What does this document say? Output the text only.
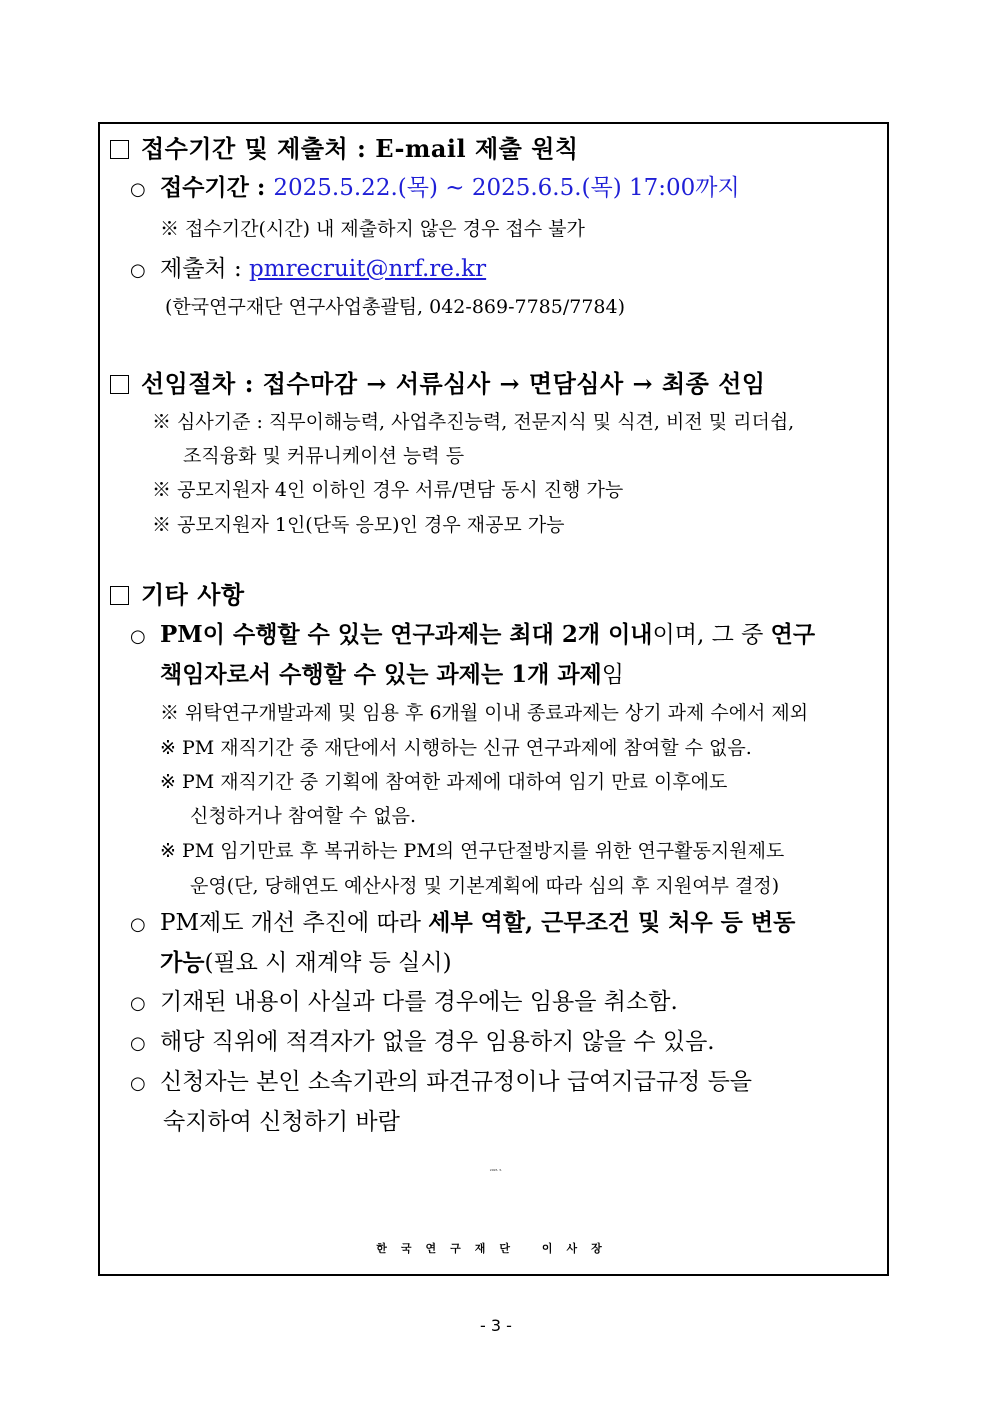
접수기간 및 제출처 : E-mail 제출 원칙
○ 접수기간 : 2025.5.22.(목) ~ 2025.6.5.(목) 17:00까지
※ 접수기간(시간) 내 제출하지 않은 경우 접수 불가
○ 제출처 : pmrecruit@nrf.re.kr
(한국연구재단 연구사업총괄팀, 042-869-7785/7784)
선임절차 : 접수마감 → 서류심사 → 면담심사 → 최종 선임
※ 심사기준 : 직무이해능력, 사업추진능력, 전문지식 및 식견, 비전 및 리더쉽,
조직융화 및 커뮤니케이션 능력 등
※ 공모지원자 4인 이하인 경우 서류/면담 동시 진행 가능
※ 공모지원자 1인(단독 응모)인 경우 재공모 가능
기타 사항
○ PM이 수행할 수 있는 연구과제는 최대 2개 이내이며, 그 중 연구
책임자로서 수행할 수 있는 과제는 1개 과제임
※ 위탁연구개발과제 및 임용 후 6개월 이내 종료과제는 상기 과제 수에서 제외
※ PM 재직기간 중 재단에서 시행하는 신규 연구과제에 참여할 수 없음.
※ PM 재직기간 중 기획에 참여한 과제에 대하여 임기 만료 이후에도
신청하거나 참여할 수 없음.
※ PM 임기만료 후 복귀하는 PM의 연구단절방지를 위한 연구활동지원제도
운영(단, 당해연도 예산사정 및 기본계획에 따라 심의 후 지원여부 결정)
○ PM제도 개선 추진에 따라 세부 역할, 근무조건 및 처우 등 변동
가능(필요 시 재계약 등 실시)
○ 기재된 내용이 사실과 다를 경우에는 임용을 취소함.
○ 해당 직위에 적격자가 없을 경우 임용하지 않을 수 있음.
○ 신청자는 본인 소속기관의 파견규정이나 급여지급규정 등을
숙지하여 신청하기 바람
2025. 5.
한국연구재단 이사장
- 3 -
